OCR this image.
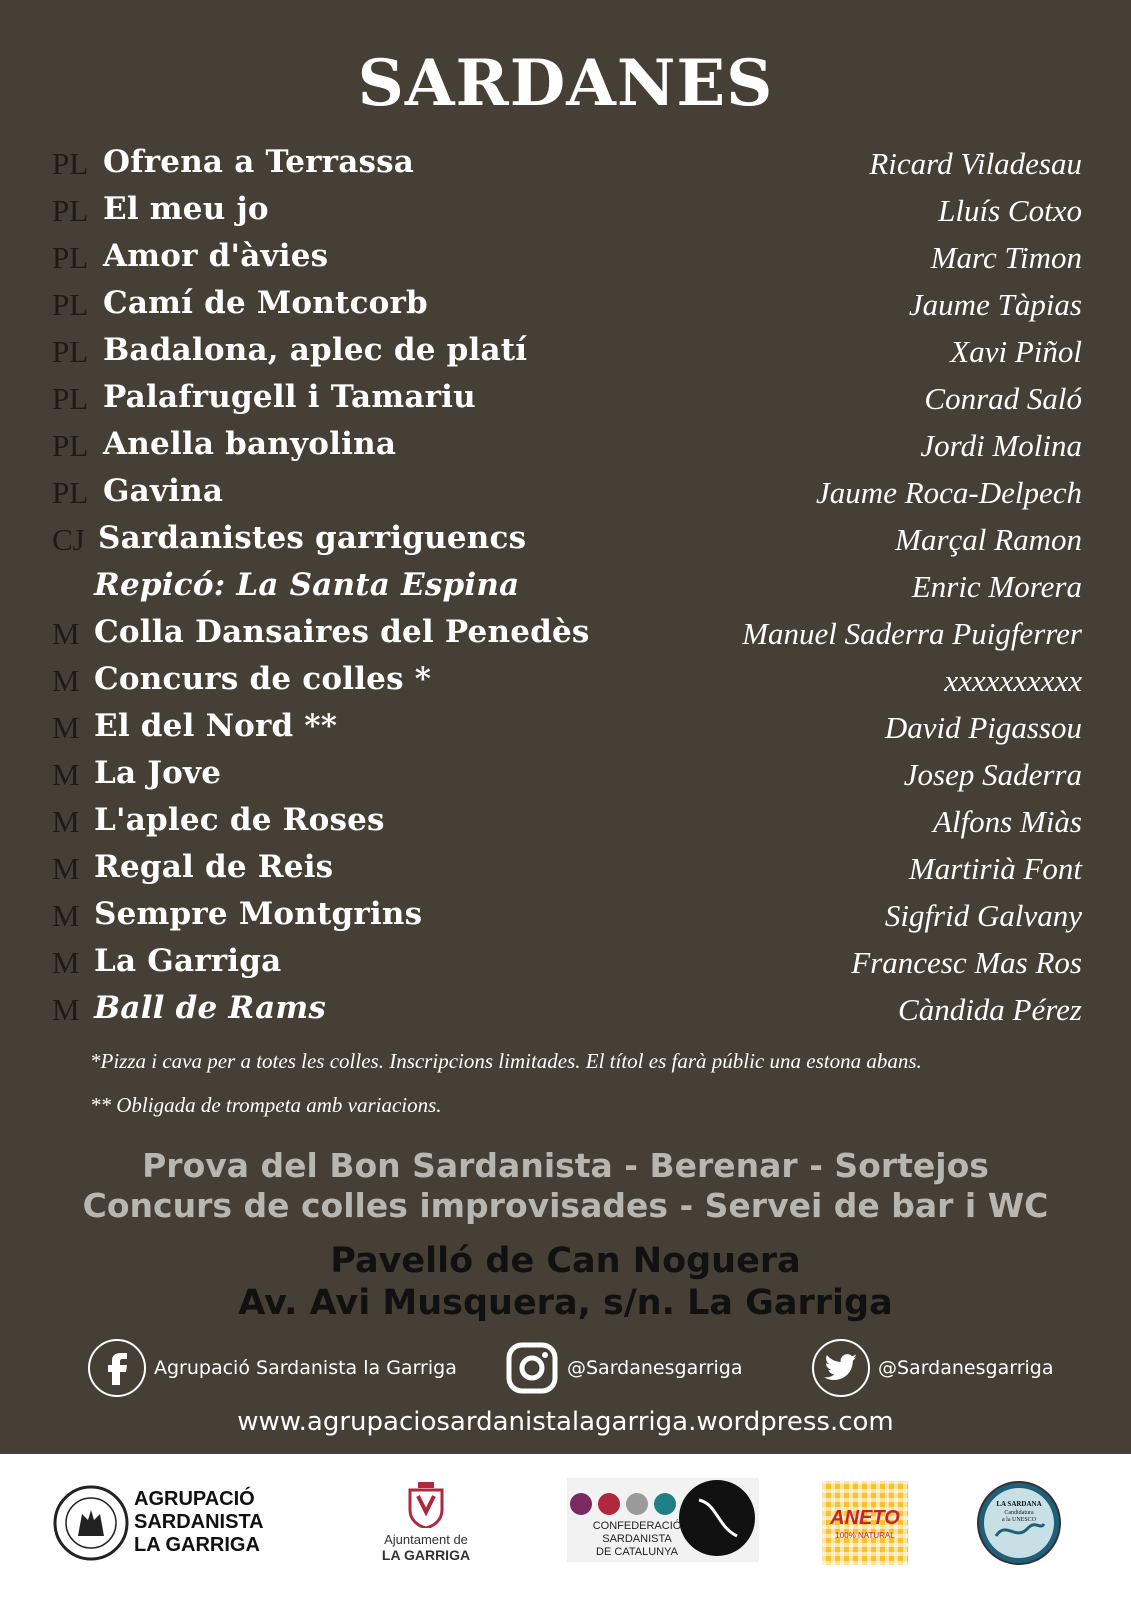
SARDANES
PL Ofrena a Terrassa	Ricard Viladesau
PL El meu jo	Lluís Cotxo
PL Amor d'àvies	Marc Timon
PL Camí de Montcorb	Jaume Tàpias
PL Badalona, aplec de platí	Xavi Piñol
PL Palafrugell i Tamariu	Conrad Saló
PL Anella banyolina	Jordi Molina
PL Gavina	Jaume Roca-Delpech
CJ Sardanistes garriguencs	Marçal Ramon
Repicó: La Santa Espina	Enric Morera
M Colla Dansaires del Penedès	Manuel Saderra Puigferrer
M Concurs de colles *	xxxxxxxxxx
M El del Nord **	David Pigassou
M La Jove	Josep Saderra
M L'aplec de Roses	Alfons Miàs
M Regal de Reis	Martirià Font
M Sempre Montgrins	Sigfrid Galvany
M La Garriga	Francesc Mas Ros
M Ball de Rams	Càndida Pérez
*Pizza i cava per a totes les colles. Inscripcions limitades. El títol es farà públic una estona abans.
** Obligada de trompeta amb variacions.
Prova del Bon Sardanista - Berenar - Sortejos
Concurs de colles improvisades - Servei de bar i WC
Pavelló de Can Noguera
Av. Avi Musquera, s/n. La Garriga
Agrupació Sardanista la Garriga	@Sardanesgarriga	@Sardanesgarriga
www.agrupaciosardanistalagarriga.wordpress.com
AGRUPACIÓ
SARDANISTA
LA GARRIGA	Ajuntament de
LA GARRIGA
CONFEDERACIÓ
SARDANISTA
DE CATALUNYA
ANETO
100% NATURAL
LA SARDANA
Candidatura
a la UNESCO
